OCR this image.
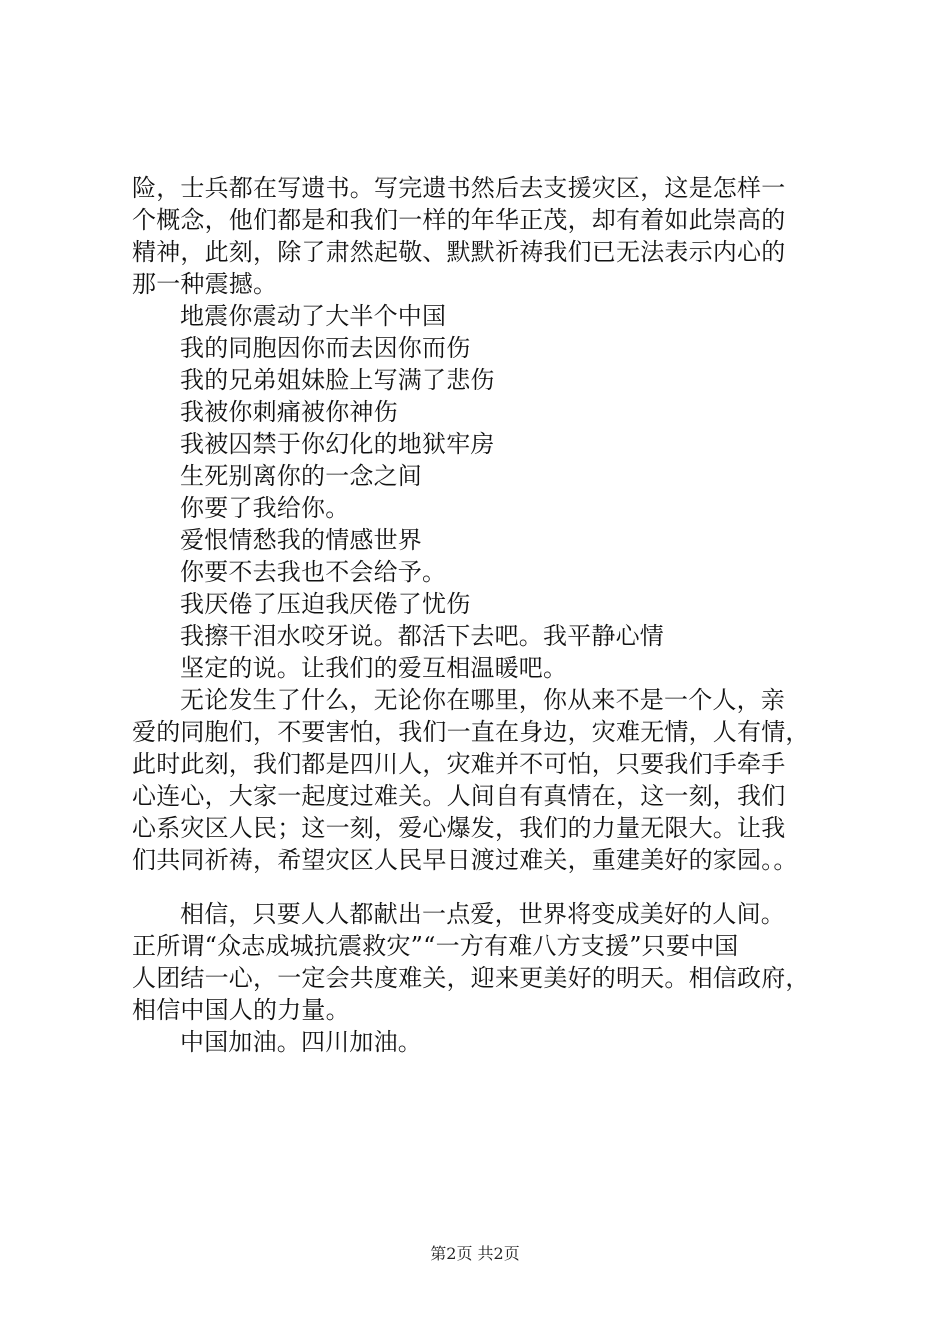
险，士兵都在写遗书。写完遗书然后去支援灾区，这是怎样一
个概念，他们都是和我们一样的年华正茂，却有着如此崇高的
精神，此刻，除了肃然起敬、默默祈祷我们已无法表示内心的
那一种震撼。
地震你震动了大半个中国
我的同胞因你而去因你而伤
我的兄弟姐妹脸上写满了悲伤
我被你刺痛被你神伤
我被囚禁于你幻化的地狱牢房
生死别离你的一念之间
你要了我给你。
爱恨情愁我的情感世界
你要不去我也不会给予。
我厌倦了压迫我厌倦了忧伤
我擦干泪水咬牙说。都活下去吧。我平静心情
坚定的说。让我们的爱互相温暖吧。
无论发生了什么，无论你在哪里，你从来不是一个人，亲
爱的同胞们，不要害怕，我们一直在身边，灾难无情，人有情，
此时此刻，我们都是四川人，灾难并不可怕，只要我们手牵手
心连心，大家一起度过难关。人间自有真情在，这一刻，我们
心系灾区人民；这一刻，爱心爆发，我们的力量无限大。让我
们共同祈祷，希望灾区人民早日渡过难关，重建美好的家园。。
相信，只要人人都献出一点爱，世界将变成美好的人间。
正所谓“众志成城抗震救灾”“一方有难八方支援”只要中国
人团结一心，一定会共度难关，迎来更美好的明天。相信政府，
相信中国人的力量。
中国加油。四川加油。
第2页 共2页
